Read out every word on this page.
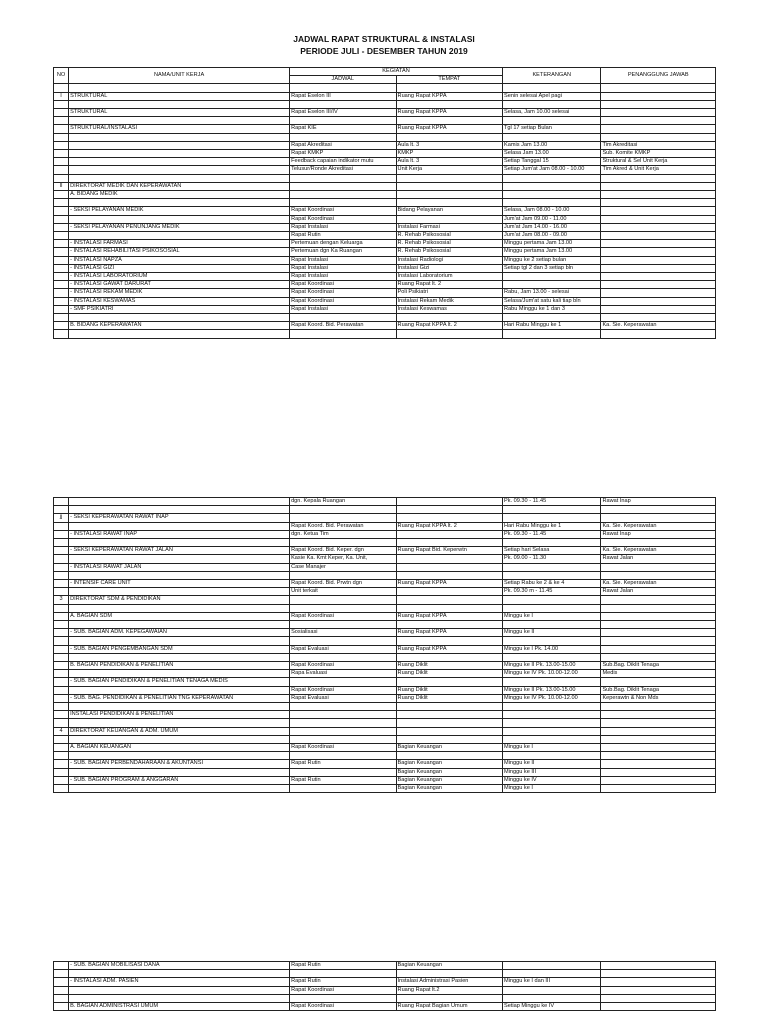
JADWAL RAPAT STRUKTURAL & INSTALASI
PERIODE JULI - DESEMBER TAHUN 2019
NO	NAMA/UNIT KERJA	KEGIATAN		KETERANGAN	PENANGGUNG JAWAB
		JADWAL	TEMPAT		

I	STRUKTURAL	Rapat Eselon III	Ruang Rapat KPPA	Senin selesai Apel pagi	

	STRUKTURAL	Rapat Eselon III/IV	Ruang Rapat KPPA	Selasa, Jam 10.00 selesai	

	STRUKTURAL/INSTALASI	Rapat KIE	Ruang Rapat KPPA	Tgl 17 setiap Bulan	

		Rapat Akreditasi	Aula lt. 3	Kamis Jam 13.00	Tim Akreditasi
		Rapat KMKP	KMKP	Selasa Jam 13.00	Sub. Komite KMKP
		Feedback capaian indikator mutu	Aula lt. 3	Setiap Tanggal 15	Struktural & Sel Unit Kerja
		Telusur/Ronde Akreditasi	Unit Kerja	Setiap Jum'at Jam 08.00 - 10.00	Tim Akred & Unit Kerja

II	DIREKTORAT MEDIK DAN KEPERAWATAN				
	A. BIDANG MEDIK				

	- SEKSI PELAYANAN MEDIK	Rapat Koordinasi	Bidang Pelayanan	Selasa, Jam 08.00 - 10.00	
		Rapat Koordinasi		Jum'at Jam 09.00 - 11.00	
	- SEKSI PELAYANAN PENUNJANG MEDIK	Rapat Instalasi	Instalasi Farmasi	Jum'at Jam 14.00 - 16.00	
		Rapat Rutin	R. Rehab Psikososial	Jum'at Jam 08.00 - 09.00	
	- INSTALASI FARMASI	Pertemuan dengan Keluarga	R. Rehab Psikososial	Minggu pertama Jam 13.00	
	- INSTALASI REHABILITASI PSIKOSOSIAL	Pertemuan dgn Ka Ruangan	R. Rehab Psikososial	Minggu pertama Jam 13.00	
	- INSTALASI NAPZA	Rapat Instalasi	Instalasi Radiologi	Minggu ke 2 setiap bulan	
	- INSTALASI GIZI	Rapat Instalasi	Instalasi Gizi	Setiap tgl 2 dan 3 setiap bln	
	- INSTALASI LABORATORIUM	Rapat Instalasi	Instalasi Laboratorium		
	- INSTALASI GAWAT DARURAT	Rapat Koordinasi	Ruang Rapat lt. 2		
	- INSTALASI REKAM MEDIK	Rapat Koordinasi	Poli Psikiatri	Rabu, Jam 13.00 - selesai	
	- INSTALASI KESWAMAS	Rapat Koordinasi	Instalasi Rekam Medik	Selasa/Jum'at satu kali tiap bln	
	- SMF PSIKIATRI	Rapat Instalasi	Instalasi Keswamas	Rabu Minggu ke 1 dan 3	

	B. BIDANG KEPERAWATAN	Rapat Koord. Bid. Perawatan	Ruang Rapat KPPA lt. 2	Hari Rabu Minggu ke 1	Ka. Sie. Keperawatan

		dgn. Kepala Ruangan		Pk. 09.30 - 11.45	Rawat Inap

jj	- SEKSI KEPERAWATAN RAWAT INAP				
		Rapat Koord. Bid. Perawatan	Ruang Rapat KPPA lt. 2	Hari Rabu Minggu ke 1	Ka. Sie. Keperawatan
	- INSTALASI RAWAT INAP	dgn. Ketua Tim		Pk. 09.30 - 11.45	Rawat Inap

	- SEKSI KEPERAWATAN RAWAT JALAN	Rapat Koord. Bid. Keper. dgn	Ruang Rapat Bid. Keperwtn	Setiap hari Selasa	Ka. Sie. Keperawatan
		Kasie Ka. Kmt Keper, Ka. Unit,		Pk. 09.00 - 11.30	Rawat Jalan
	- INSTALASI RAWAT JALAN	Case Manajer			

	- INTENSIF CARE UNIT	Rapat Koord. Bid. Prwtn dgn	Ruang Rapat KPPA	Setiap Rabu ke 2 & ke 4	Ka. Sie. Keperawatan
		Unit terkait		Pk. 09.30 m - 11.45	Rawat Jalan
3	DIREKTORAT SDM & PENDIDIKAN				

	A. BAGIAN SDM	Rapat Koordinasi	Ruang Rapat KPPA	Minggu ke I	

	- SUB. BAGIAN ADM. KEPEGAWAIAN	Sosialisasi	Ruang Rapat KPPA	Minggu ke II	

	- SUB. BAGIAN PENGEMBANGAN SDM	Rapat Evaluasi	Ruang Rapat KPPA	Minggu ke I Pk. 14.00	

	B. BAGIAN PENDIDIKAN & PENELITIAN	Rapat Koordinasi	Ruang Diklit	Minggu ke II Pk. 13.00-15.00	Sub.Bag. Diklit Tenaga
		Rapa Evaluasi	Ruang Diklit	Minggu ke IV Pk. 10.00-12.00	Medis
	- SUB. BAGIAN PENDIDIKAN & PENELITIAN TENAGA MEDIS				
		Rapat Koordinasi	Ruang Diklit	Minggu ke II Pk. 13.00-15.00	Sub.Bag. Diklit Tenaga
	- SUB. BAG. PENDIDIKAN & PENELITIAN TNG KEPERAWATAN	Rapat Evaluasi	Ruang Diklit	Minggu ke IV Pk. 10.00-12.00	Keperawtn & Non Mds

	INSTALASI PENDIDIKAN & PENELITIAN				

4	DIREKTORAT KEUANGAN & ADM. UMUM				

	A. BAGIAN KEUANGAN	Rapat Koordinasi	Bagian Keuangan	Minggu ke I	

	- SUB. BAGIAN PERBENDAHARAAN & AKUNTANSI	Rapat Rutin	Bagian Keuangan	Minggu ke II	
			Bagian Keuangan	Minggu ke III	
	- SUB. BAGIAN PROGRAM & ANGGARAN	Rapat Rutin	Bagian Keuangan	Minggu ke IV	
			Bagian Keuangan	Minggu ke I	
	- SUB. BAGIAN MOBILISASI DANA	Rapat Rutin	Bagian Keuangan		

	- INSTALASI ADM. PASIEN	Rapat Rutin	Instalasi Administrasi Pasien	Minggu ke I dan III	
		Rapat Koordinasi	Ruang Rapat lt.2		

	B. BAGIAN ADMINISTRASI UMUM	Rapat Koordinasi	Ruang Rapat Bagian Umum	Setiap Minggu ke IV	
